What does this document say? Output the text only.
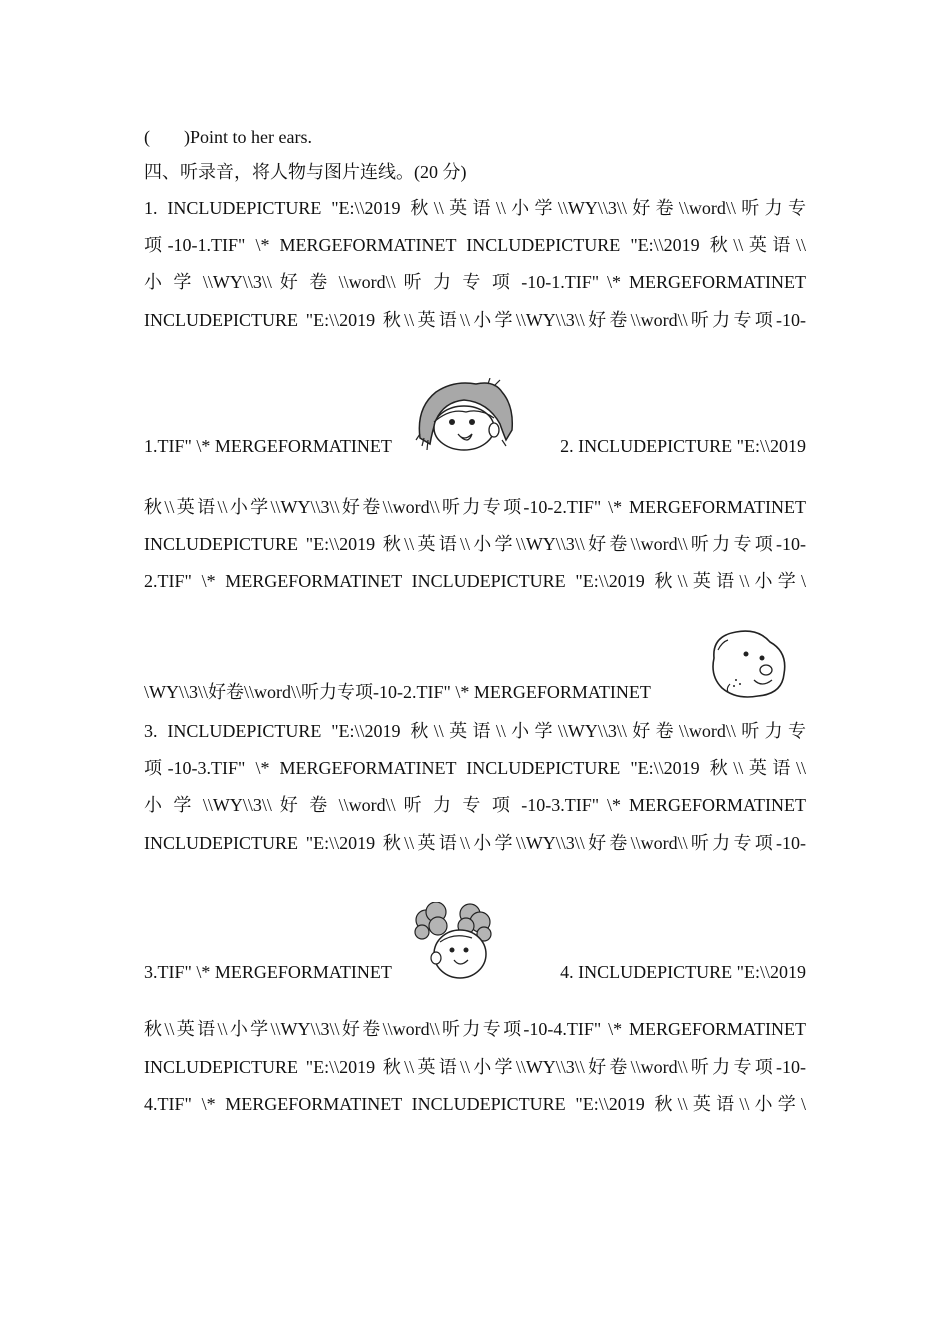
( )Point to her ears.
四、听录音，将人物与图片连线。(20 分)
1. INCLUDEPICTURE "E:\\2019 秋\\英语\\小学\\WY\\3\\好卷\\word\\听力专
项-10-1.TIF" \* MERGEFORMATINET INCLUDEPICTURE "E:\\2019 秋\\英语\\
小 学 \\WY\\3\\ 好 卷 \\word\\ 听 力 专 项 -10-1.TIF" \* MERGEFORMATINET
INCLUDEPICTURE "E:\\2019 秋\\英语\\小学\\WY\\3\\好卷\\word\\听力专项-10-
1.TIF" \* MERGEFORMATINET	2. INCLUDEPICTURE "E:\\2019
秋\\英语\\小学\\WY\\3\\好卷\\word\\听力专项-10-2.TIF" \* MERGEFORMATINET
INCLUDEPICTURE "E:\\2019 秋\\英语\\小学\\WY\\3\\好卷\\word\\听力专项-10-
2.TIF" \* MERGEFORMATINET INCLUDEPICTURE "E:\\2019 秋\\英语\\小学\
\WY\\3\\好卷\\word\\听力专项-10-2.TIF" \* MERGEFORMATINET
3. INCLUDEPICTURE "E:\\2019 秋\\英语\\小学\\WY\\3\\好卷\\word\\听力专
项-10-3.TIF" \* MERGEFORMATINET INCLUDEPICTURE "E:\\2019 秋\\英语\\
小 学 \\WY\\3\\ 好 卷 \\word\\ 听 力 专 项 -10-3.TIF" \* MERGEFORMATINET
INCLUDEPICTURE "E:\\2019 秋\\英语\\小学\\WY\\3\\好卷\\word\\听力专项-10-
3.TIF" \* MERGEFORMATINET	4. INCLUDEPICTURE "E:\\2019
秋\\英语\\小学\\WY\\3\\好卷\\word\\听力专项-10-4.TIF" \* MERGEFORMATINET
INCLUDEPICTURE "E:\\2019 秋\\英语\\小学\\WY\\3\\好卷\\word\\听力专项-10-
4.TIF" \* MERGEFORMATINET INCLUDEPICTURE "E:\\2019 秋\\英语\\小学\
